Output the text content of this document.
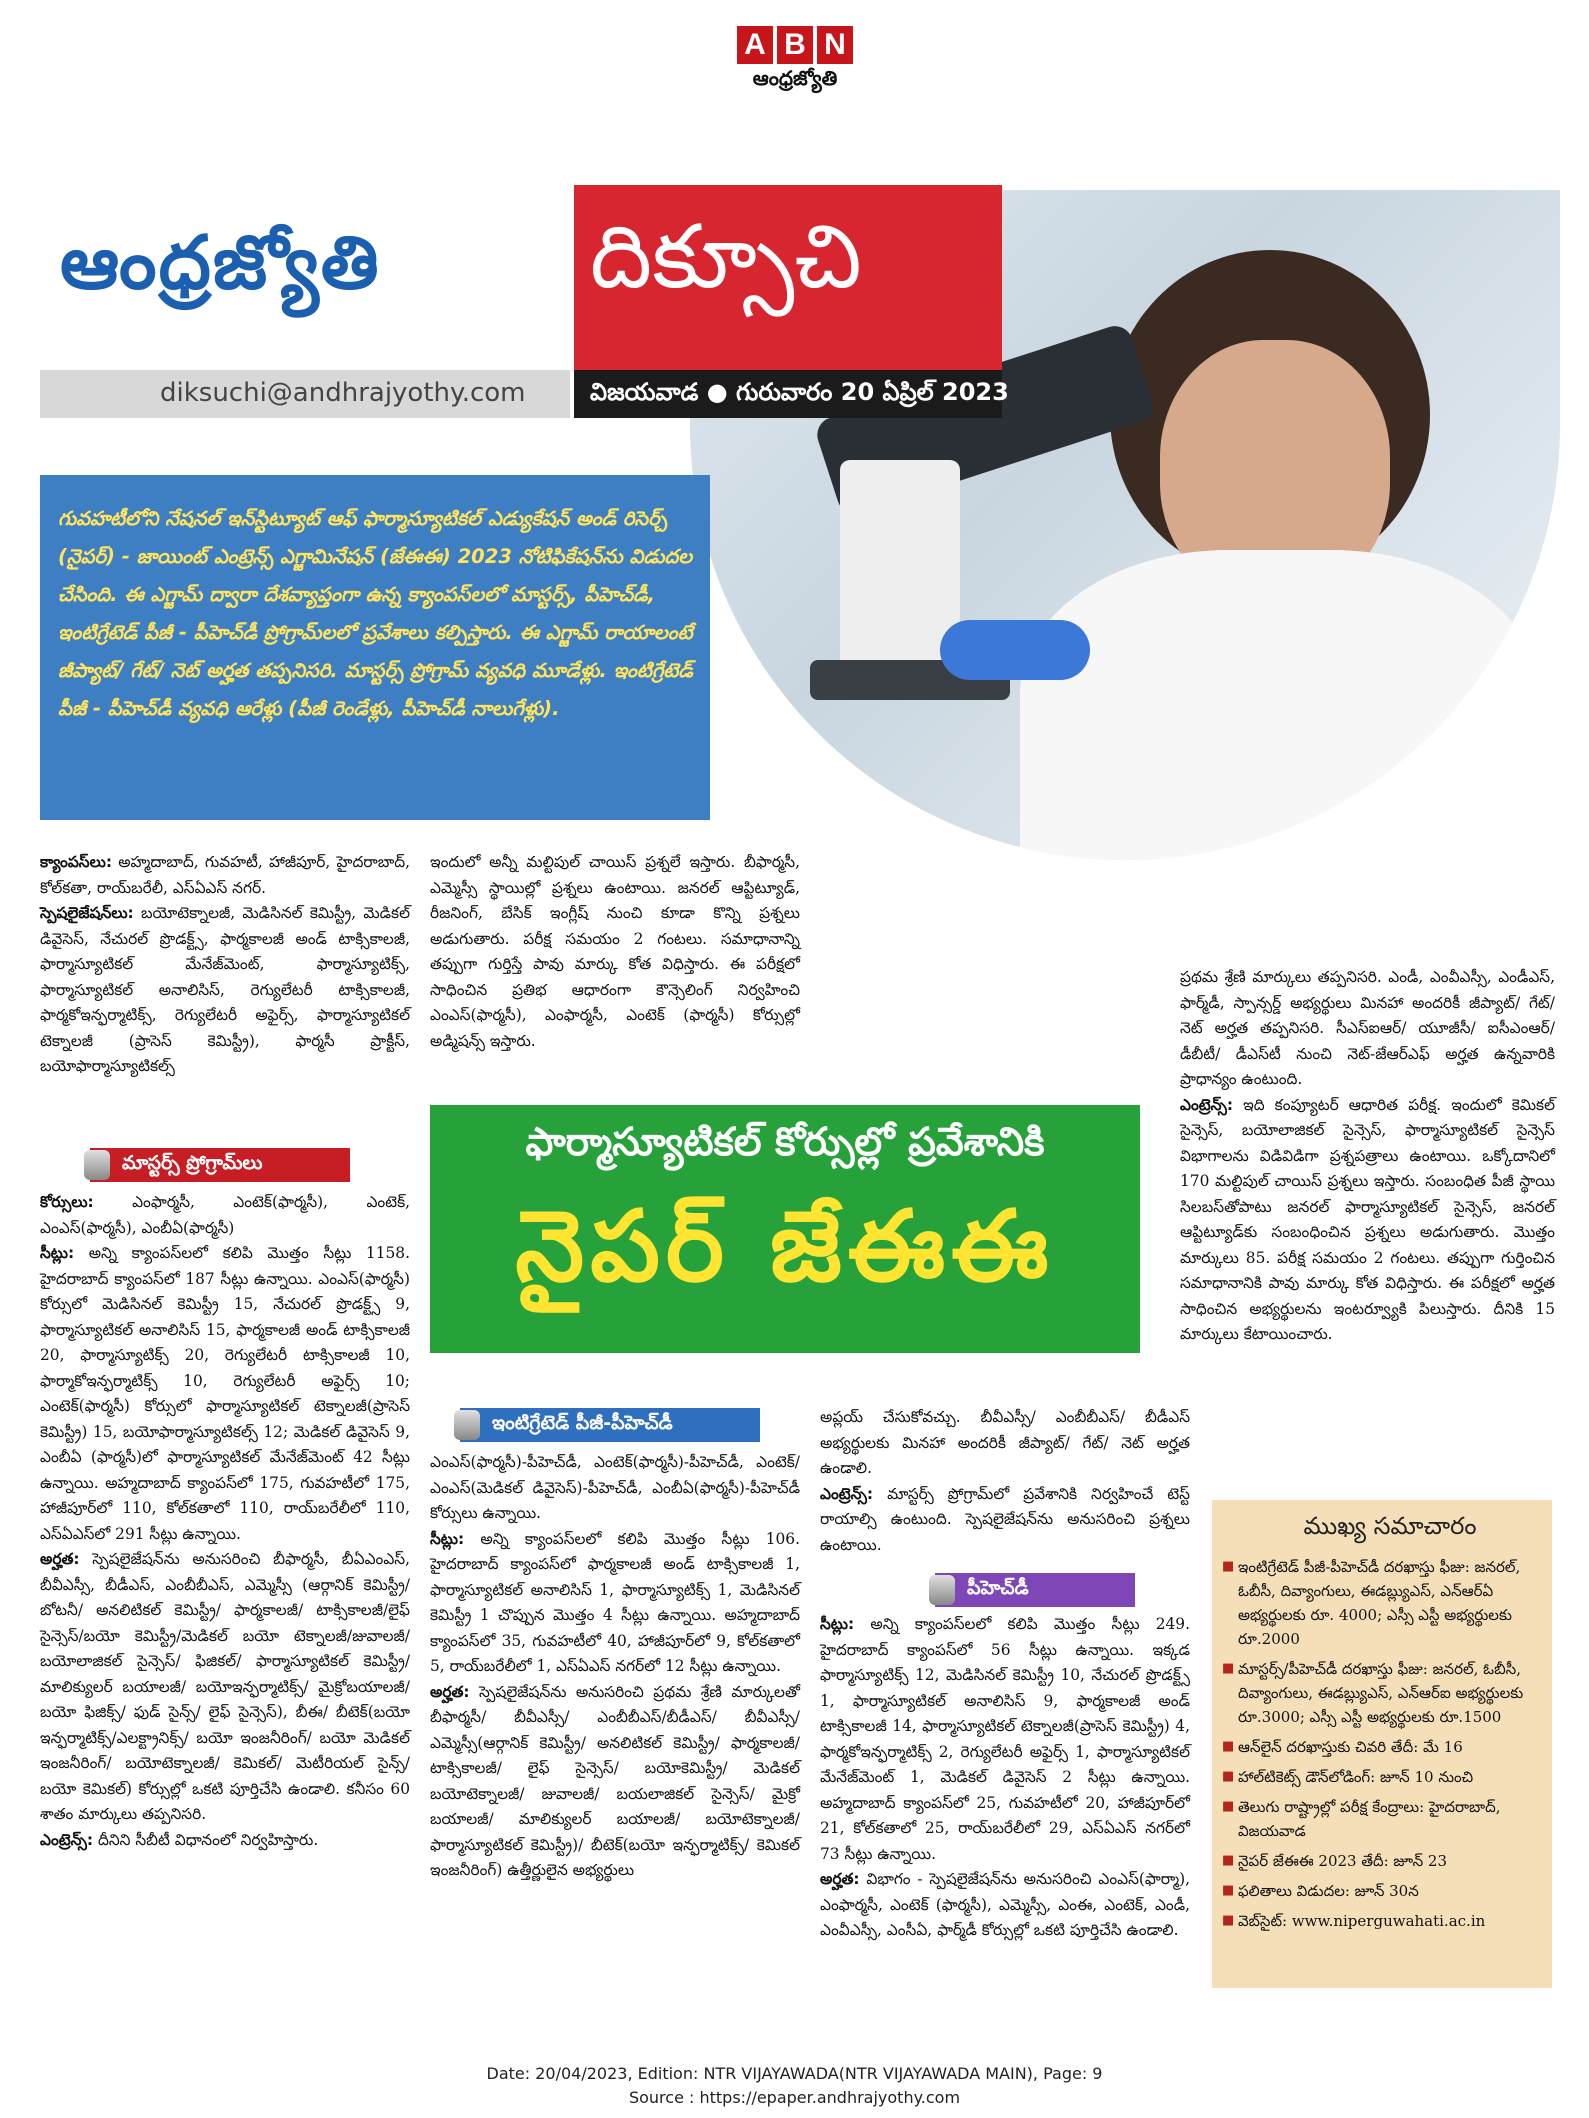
A B N
ఆంధ్రజ్యోతి
దిక్సూచి
ఆంధ్రజ్యోతి
diksuchi@andhrajyothy.com	విజయవాడ ● గురువారం 20 ఏప్రిల్ 2023
గువహటీలోని నేషనల్ ఇన్‌స్టిట్యూట్ ఆఫ్ ఫార్మాస్యూటికల్ ఎడ్యుకేషన్ అండ్ రిసెర్చ్ (నైపర్) - జాయింట్ ఎంట్రెన్స్ ఎగ్జామినేషన్ (జేఈఈ) 2023 నోటిఫికేషన్‌ను విడుదల చేసింది. ఈ ఎగ్జామ్ ద్వారా దేశవ్యాప్తంగా ఉన్న క్యాంపస్‌లలో మాస్టర్స్, పీహెచ్‌డీ, ఇంటిగ్రేటెడ్ పీజీ - పీహెచ్‌డీ ప్రోగ్రామ్‌లలో ప్రవేశాలు కల్పిస్తారు. ఈ ఎగ్జామ్ రాయాలంటే జీప్యాట్/ గేట్/ నెట్ అర్హత తప్పనిసరి. మాస్టర్స్ ప్రోగ్రామ్ వ్యవధి మూడేళ్లు. ఇంటిగ్రేటెడ్ పీజీ - పీహెచ్‌డీ వ్యవధి ఆరేళ్లు (పీజీ రెండేళ్లు, పీహెచ్‌డీ నాలుగేళ్లు).

క్యాంపస్‌లు: అహ్మదాబాద్, గువహటీ, హాజీపూర్, హైదరాబాద్, కోల్‌కతా, రాయ్‌బరేలీ, ఎస్‌ఏఎస్ నగర్.

స్పెషలైజేషన్‌లు: బయోటెక్నాలజీ, మెడిసినల్ కెమిస్ట్రీ, మెడికల్ డివైసెస్, నేచురల్ ప్రొడక్ట్స్, ఫార్మకాలజీ అండ్ టాక్సికాలజీ, ఫార్మాస్యూటికల్ మేనేజ్‌మెంట్, ఫార్మాస్యూటిక్స్, ఫార్మాస్యూటికల్ అనాలిసిస్, రెగ్యులేటరీ టాక్సికాలజీ, ఫార్మకోఇన్ఫర్మాటిక్స్, రెగ్యులేటరీ అఫైర్స్, ఫార్మాస్యూటికల్ టెక్నాలజీ (ప్రాసెస్ కెమిస్ట్రీ), ఫార్మసీ ప్రాక్టీస్, బయోఫార్మాస్యూటికల్స్

మాస్టర్స్ ప్రోగ్రామ్‌లు

కోర్సులు: ఎంఫార్మసీ, ఎంటెక్(ఫార్మసీ), ఎంటెక్, ఎంఎస్(ఫార్మసీ), ఎంబీఏ(ఫార్మసీ)

సీట్లు: అన్ని క్యాంపస్‌లలో కలిపి మొత్తం సీట్లు 1158. హైదరాబాద్ క్యాంపస్‌లో 187 సీట్లు ఉన్నాయి. ఎంఎస్(ఫార్మసీ) కోర్సులో మెడిసినల్ కెమిస్ట్రీ 15, నేచురల్ ప్రొడక్ట్స్ 9, ఫార్మాస్యూటికల్ అనాలిసిస్ 15, ఫార్మకాలజీ అండ్ టాక్సికాలజీ 20, ఫార్మాస్యూటిక్స్ 20, రెగ్యులేటరీ టాక్సికాలజీ 10, ఫార్మాకోఇన్ఫర్మాటిక్స్ 10, రెగ్యులేటరీ అఫైర్స్ 10; ఎంటెక్(ఫార్మసీ) కోర్సులో ఫార్మాస్యూటికల్ టెక్నాలజీ(ప్రాసెస్ కెమిస్ట్రీ) 15, బయోఫార్మాస్యూటికల్స్ 12; మెడికల్ డివైసెస్ 9, ఎంబీఏ (ఫార్మసీ)లో ఫార్మాస్యూటికల్ మేనేజ్‌మెంట్ 42 సీట్లు ఉన్నాయి. అహ్మదాబాద్ క్యాంపస్‌లో 175, గువహటీలో 175, హాజీపూర్‌లో 110, కోల్‌కతాలో 110, రాయ్‌బరేలీలో 110, ఎస్ఏఎస్‌లో 291 సీట్లు ఉన్నాయి.

అర్హత: స్పెషలైజేషన్‌ను అనుసరించి బీఫార్మసీ, బీఏఎంఎస్, బీవీఎస్సీ, బీడీఎస్, ఎంబీబీఎస్, ఎమ్మెస్సీ (ఆర్గానిక్ కెమిస్ట్రీ/బోటనీ/ అనలిటికల్ కెమిస్ట్రీ/ ఫార్మకాలజీ/ టాక్సికాలజీ/లైఫ్ సైన్సెస్/బయో కెమిస్ట్రీ/మెడికల్ బయో టెక్నాలజీ/జువాలజీ/ బయోలాజికల్ సైన్సెస్/ ఫిజికల్/ ఫార్మాస్యూటికల్ కెమిస్ట్రీ/ మాలిక్యులర్ బయాలజీ/ బయోఇన్ఫర్మాటిక్స్/ మైక్రోబయాలజీ/బయో ఫిజిక్స్/ ఫుడ్ సైన్స్/ లైఫ్ సైన్సెస్), బీఈ/ బీటెక్(బయో ఇన్ఫర్మాటిక్స్/ఎలక్ట్రానిక్స్/ బయో ఇంజనీరింగ్/ బయో మెడికల్ ఇంజనీరింగ్/ బయోటెక్నాలజీ/ కెమికల్/ మెటీరియల్ సైన్స్/ బయో కెమికల్) కోర్సుల్లో ఒకటి పూర్తిచేసి ఉండాలి. కనీసం 60 శాతం మార్కులు తప్పనిసరి.

ఎంట్రెన్స్: దీనిని సీబీటీ విధానంలో నిర్వహిస్తారు.

ఇందులో అన్నీ మల్టిపుల్ చాయిస్ ప్రశ్నలే ఇస్తారు. బీఫార్మసీ, ఎమ్మెస్సీ స్థాయిల్లో ప్రశ్నలు ఉంటాయి. జనరల్ ఆప్టిట్యూడ్, రీజనింగ్, బేసిక్ ఇంగ్లీష్ నుంచి కూడా కొన్ని ప్రశ్నలు అడుగుతారు. పరీక్ష సమయం 2 గంటలు. సమాధానాన్ని తప్పుగా గుర్తిస్తే పావు మార్కు కోత విధిస్తారు. ఈ పరీక్షలో సాధించిన ప్రతిభ ఆధారంగా కౌన్సెలింగ్ నిర్వహించి ఎంఎస్(ఫార్మసీ), ఎంఫార్మసీ, ఎంటెక్ (ఫార్మసీ) కోర్సుల్లో అడ్మిషన్స్ ఇస్తారు.

ఫార్మాస్యూటికల్ కోర్సుల్లో ప్రవేశానికి
నైపర్ జేఈఈ
ఇంటిగ్రేటెడ్ పీజీ-పీహెచ్‌డీ

ఎంఎస్(ఫార్మసీ)-పీహెచ్‌డీ, ఎంటెక్(ఫార్మసీ)-పీహెచ్‌డీ, ఎంటెక్/ఎంఎస్(మెడికల్ డివైసెస్)-పీహెచ్‌డీ, ఎంబీఏ(ఫార్మసీ)-పీహెచ్‌డీ కోర్సులు ఉన్నాయి.

సీట్లు: అన్ని క్యాంపస్‌లలో కలిపి మొత్తం సీట్లు 106. హైదరాబాద్ క్యాంపస్‌లో ఫార్మకాలజీ అండ్ టాక్సికాలజీ 1, ఫార్మాస్యూటికల్ అనాలిసిస్ 1, ఫార్మాస్యూటిక్స్ 1, మెడిసినల్ కెమిస్ట్రీ 1 చొప్పున మొత్తం 4 సీట్లు ఉన్నాయి. అహ్మదాబాద్ క్యాంపస్‌లో 35, గువహటీలో 40, హాజీపూర్‌లో 9, కోల్‌కతాలో 5, రాయ్‌బరేలీలో 1, ఎస్ఏఎస్ నగర్‌లో 12 సీట్లు ఉన్నాయి.

అర్హత: స్పెషలైజేషన్‌ను అనుసరించి ప్రథమ శ్రేణి మార్కులతో బీఫార్మసీ/ బీవీఎస్సీ/ ఎంబీబీఎస్/బీడీఎస్/ బీవీఎస్సీ/ ఎమ్మెస్సీ(ఆర్గానిక్ కెమిస్ట్రీ/ అనలిటికల్ కెమిస్ట్రీ/ ఫార్మకాలజీ/ టాక్సికాలజీ/ లైఫ్ సైన్సెస్/ బయోకెమిస్ట్రీ/ మెడికల్ బయోటెక్నాలజీ/ జువాలజీ/ బయలాజికల్ సైన్సెస్/ మైక్రో బయాలజీ/ మాలిక్యులర్ బయాలజీ/ బయోటెక్నాలజీ/ ఫార్మాస్యూటికల్ కెమిస్ట్రీ)/ బీటెక్(బయో ఇన్ఫర్మాటిక్స్/ కెమికల్ ఇంజనీరింగ్) ఉత్తీర్ణులైన అభ్యర్థులు

అప్లయ్ చేసుకోవచ్చు. బీవీఎస్సీ/ ఎంబీబీఎస్/ బీడీఎస్ అభ్యర్థులకు మినహా అందరికీ జీప్యాట్/ గేట్/ నెట్ అర్హత ఉండాలి.

ఎంట్రెన్స్: మాస్టర్స్ ప్రోగ్రామ్‌లో ప్రవేశానికి నిర్వహించే టెస్ట్ రాయాల్సి ఉంటుంది. స్పెషలైజేషన్‌ను అనుసరించి ప్రశ్నలు ఉంటాయి.

పీహెచ్‌డీ

సీట్లు: అన్ని క్యాంపస్‌లలో కలిపి మొత్తం సీట్లు 249. హైదరాబాద్ క్యాంపస్‌లో 56 సీట్లు ఉన్నాయి. ఇక్కడ ఫార్మాస్యూటిక్స్ 12, మెడిసినల్ కెమిస్ట్రీ 10, నేచురల్ ప్రొడక్ట్స్ 1, ఫార్మాస్యూటికల్ అనాలిసిస్ 9, ఫార్మకాలజీ అండ్ టాక్సికాలజీ 14, ఫార్మాస్యూటికల్ టెక్నాలజీ(ప్రాసెస్ కెమిస్ట్రీ) 4, ఫార్మకోఇన్ఫర్మాటిక్స్ 2, రెగ్యులేటరీ అఫైర్స్ 1, ఫార్మాస్యూటికల్ మేనేజ్‌మెంట్ 1, మెడికల్ డివైసెస్ 2 సీట్లు ఉన్నాయి. అహ్మదాబాద్ క్యాంపస్‌లో 25, గువహటీలో 20, హాజీపూర్‌లో 21, కోల్‌కతాలో 25, రాయ్‌బరేలీలో 29, ఎస్ఏఎస్ నగర్‌లో 73 సీట్లు ఉన్నాయి.

అర్హత: విభాగం - స్పెషలైజేషన్‌ను అనుసరించి ఎంఎస్(ఫార్మా), ఎంఫార్మసీ, ఎంటెక్ (ఫార్మసీ), ఎమ్మెస్సీ, ఎంఈ, ఎంటెక్, ఎండీ, ఎంవీఎస్సీ, ఎంసీఏ, ఫార్మ్‌డీ కోర్సుల్లో ఒకటి పూర్తిచేసి ఉండాలి.

ప్రథమ శ్రేణి మార్కులు తప్పనిసరి. ఎండీ, ఎంవీఎస్సీ, ఎండీఎస్, ఫార్మ్‌డీ, స్పాన్సర్డ్ అభ్యర్థులు మినహా అందరికీ జీప్యాట్/ గేట్/ నెట్ అర్హత తప్పనిసరి. సీఎస్ఐఆర్/ యూజీసీ/ ఐసీఎంఆర్/ డీబీటీ/ డీఎస్‌టీ నుంచి నెట్-జేఆర్ఎఫ్ అర్హత ఉన్నవారికి ప్రాధాన్యం ఉంటుంది.

ఎంట్రెన్స్: ఇది కంప్యూటర్ ఆధారిత పరీక్ష. ఇందులో కెమికల్ సైన్సెస్, బయోలాజికల్ సైన్సెస్, ఫార్మాస్యూటికల్ సైన్సెస్ విభాగాలను విడివిడిగా ప్రశ్నపత్రాలు ఉంటాయి. ఒక్కోదానిలో 170 మల్టిపుల్ చాయిస్ ప్రశ్నలు ఇస్తారు. సంబంధిత పీజీ స్థాయి సిలబస్‌తోపాటు జనరల్ ఫార్మాస్యూటికల్ సైన్సెస్, జనరల్ ఆప్టిట్యూడ్‌కు సంబంధించిన ప్రశ్నలు అడుగుతారు. మొత్తం మార్కులు 85. పరీక్ష సమయం 2 గంటలు. తప్పుగా గుర్తించిన సమాధానానికి పావు మార్కు కోత విధిస్తారు. ఈ పరీక్షలో అర్హత సాధించిన అభ్యర్థులను ఇంటర్వ్యూకి పిలుస్తారు. దీనికి 15 మార్కులు కేటాయించారు.

ముఖ్య సమాచారం
■ ఇంటిగ్రేటెడ్ పీజీ-పీహెచ్‌డీ దరఖాస్తు ఫీజు: జనరల్, ఓబీసీ, దివ్యాంగులు, ఈడబ్ల్యుఎస్, ఎన్ఆర్ఏ అభ్యర్థులకు రూ. 4000; ఎస్సీ ఎస్టీ అభ్యర్థులకు రూ.2000
■ మాస్టర్స్/పీహెచ్‌డీ దరఖాస్తు ఫీజు: జనరల్, ఓబీసీ, దివ్యాంగులు, ఈడబ్ల్యుఎస్, ఎన్ఆర్ఐ అభ్యర్థులకు రూ.3000; ఎస్సీ ఎస్టీ అభ్యర్థులకు రూ.1500
■ ఆన్‌లైన్ దరఖాస్తుకు చివరి తేదీ: మే 16
■ హాల్‌టికెట్స్ డౌన్‌లోడింగ్: జూన్ 10 నుంచి
■ తెలుగు రాష్ట్రాల్లో పరీక్ష కేంద్రాలు: హైదరాబాద్, విజయవాడ
■ నైపర్ జేఈఈ 2023 తేదీ: జూన్ 23
■ ఫలితాలు విడుదల: జూన్ 30న
■ వెబ్‌సైట్: www.niperguwahati.ac.in
Date: 20/04/2023, Edition: NTR VIJAYAWADA(NTR VIJAYAWADA MAIN), Page: 9
Source : https://epaper.andhrajyothy.com
